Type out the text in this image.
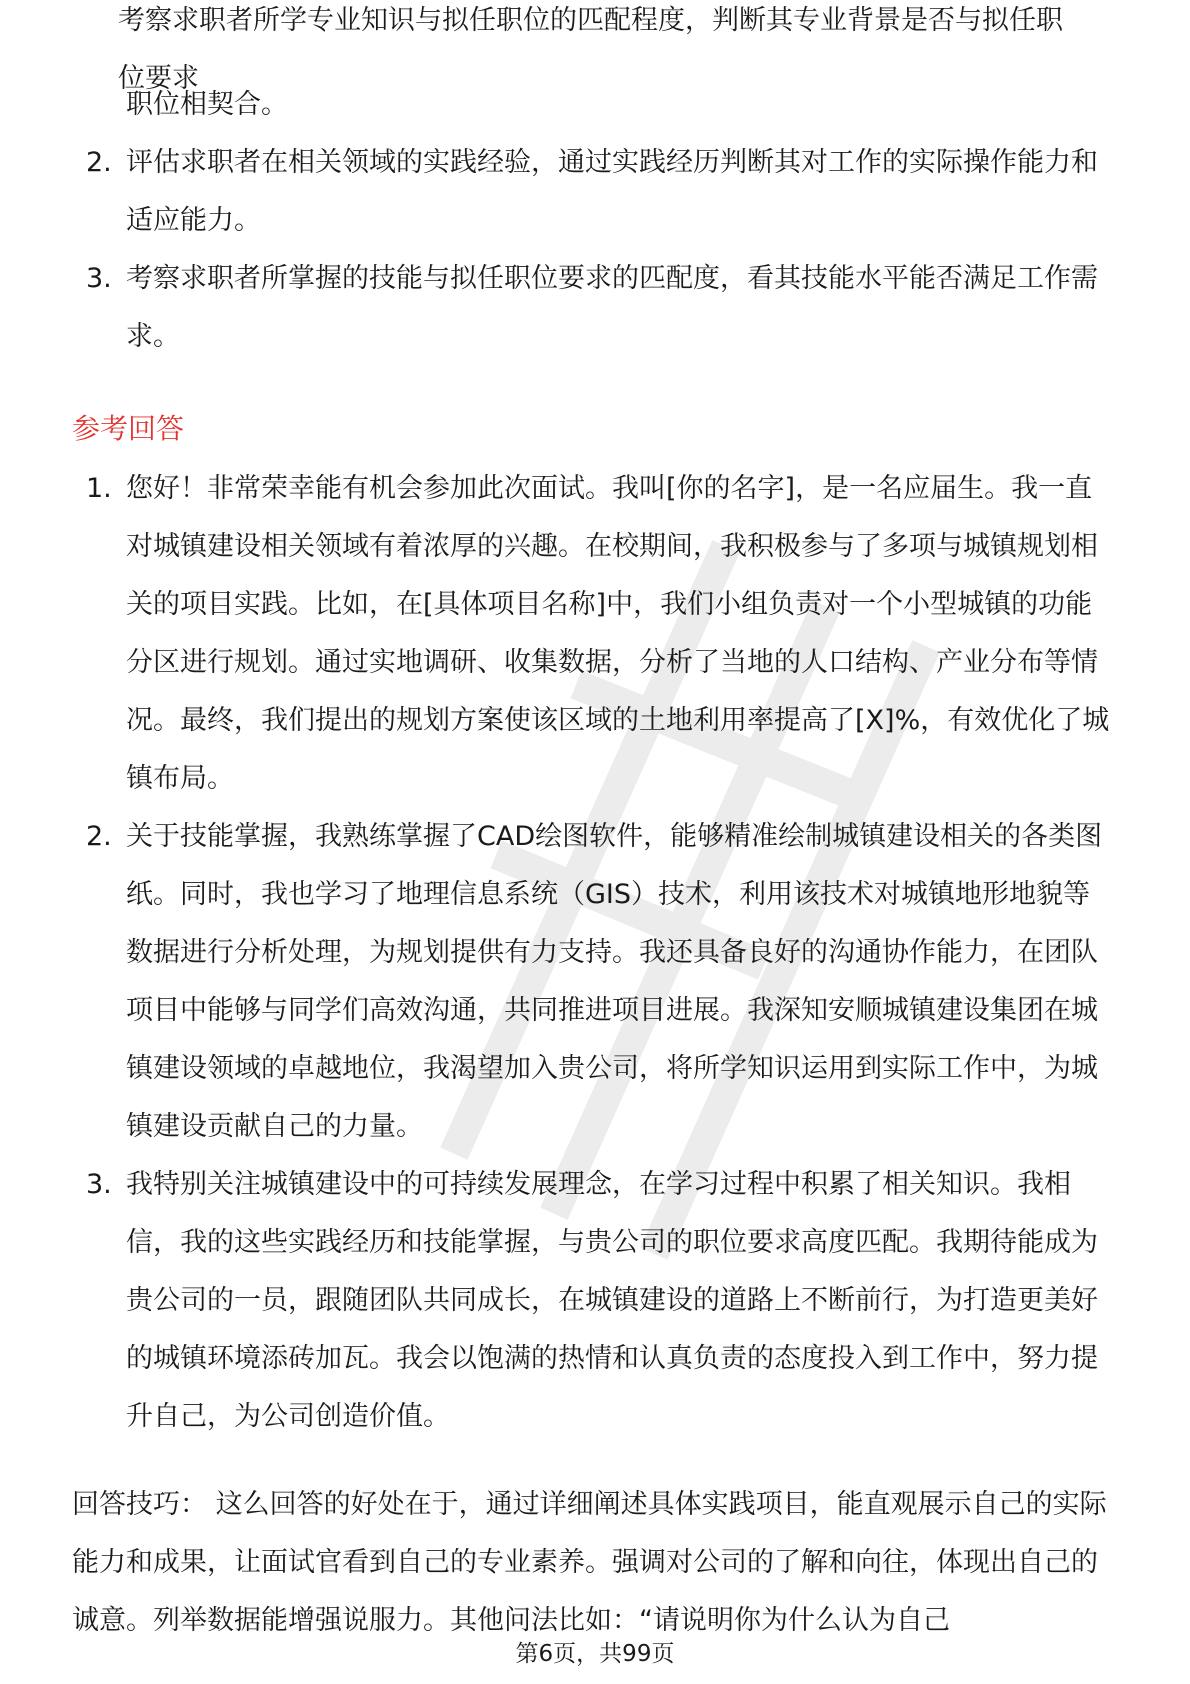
考察求职者所学专业知识与拟任职位的匹配程度，判断其专业背景是否与拟任职位要求
职位相契合。
2. 评估求职者在相关领域的实践经验，通过实践经历判断其对工作的实际操作能力和适应能力。
3. 考察求职者所掌握的技能与拟任职位要求的匹配度，看其技能水平能否满足工作需求。
参考回答
1. 您好！非常荣幸能有机会参加此次面试。我叫[你的名字]，是一名应届生。我一直对城镇建设相关领域有着浓厚的兴趣。在校期间，我积极参与了多项与城镇规划相关的项目实践。比如，在[具体项目名称]中，我们小组负责对一个小型城镇的功能分区进行规划。通过实地调研、收集数据，分析了当地的人口结构、产业分布等情况。最终，我们提出的规划方案使该区域的土地利用率提高了[X]%，有效优化了城镇布局。
2. 关于技能掌握，我熟练掌握了CAD绘图软件，能够精准绘制城镇建设相关的各类图纸。同时，我也学习了地理信息系统（GIS）技术，利用该技术对城镇地形地貌等数据进行分析处理，为规划提供有力支持。我还具备良好的沟通协作能力，在团队项目中能够与同学们高效沟通，共同推进项目进展。我深知安顺城镇建设集团在城镇建设领域的卓越地位，我渴望加入贵公司，将所学知识运用到实际工作中，为城镇建设贡献自己的力量。
3. 我特别关注城镇建设中的可持续发展理念，在学习过程中积累了相关知识。我相信，我的这些实践经历和技能掌握，与贵公司的职位要求高度匹配。我期待能成为贵公司的一员，跟随团队共同成长，在城镇建设的道路上不断前行，为打造更美好的城镇环境添砖加瓦。我会以饱满的热情和认真负责的态度投入到工作中，努力提升自己，为公司创造价值。

回答技巧： 这么回答的好处在于，通过详细阐述具体实践项目，能直观展示自己的实际能力和成果，让面试官看到自己的专业素养。强调对公司的了解和向往，体现出自己的诚意。列举数据能增强说服力。其他问法比如：“请说明你为什么认为自己

第6页，共99页
